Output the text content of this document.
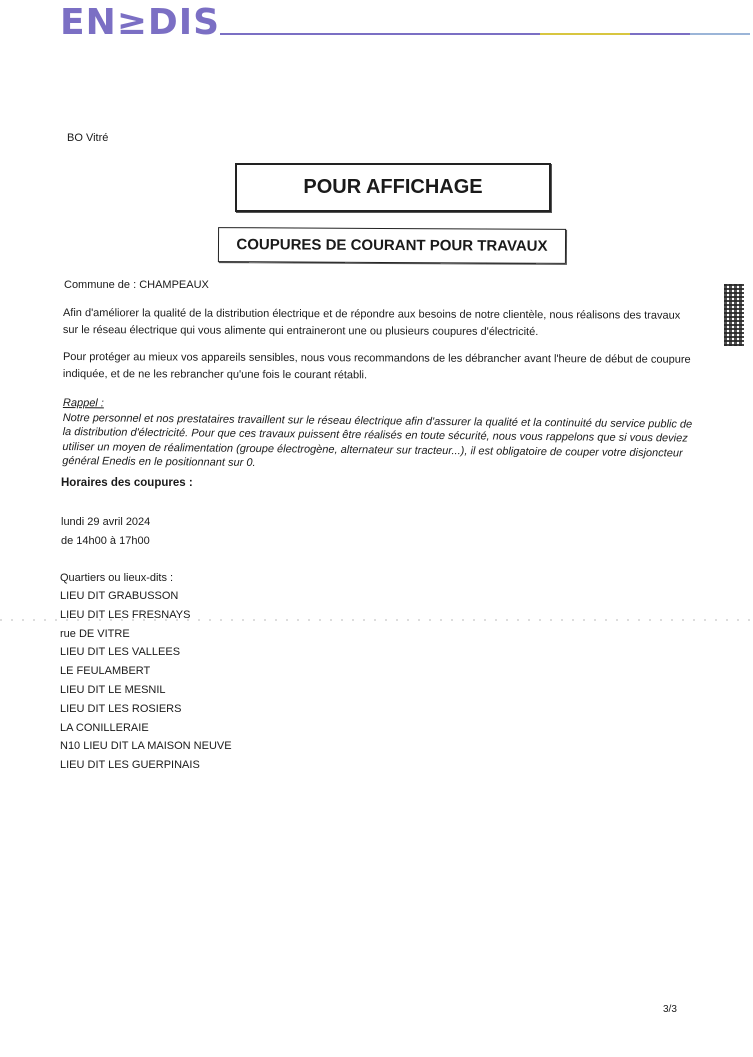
EN≥DIS
BO Vitré
POUR AFFICHAGE
COUPURES DE COURANT POUR TRAVAUX
Commune de : CHAMPEAUX

Afin d'améliorer la qualité de la distribution électrique et de répondre aux besoins de notre clientèle, nous réalisons des travaux sur le réseau électrique qui vous alimente qui entraineront une ou plusieurs coupures d'électricité.

Pour protéger au mieux vos appareils sensibles, nous vous recommandons de les débrancher avant l'heure de début de coupure indiquée, et de ne les rebrancher qu'une fois le courant rétabli.

Rappel :

Notre personnel et nos prestataires travaillent sur le réseau électrique afin d'assurer la qualité et la continuité du service public de la distribution d'électricité. Pour que ces travaux puissent être réalisés en toute sécurité, nous vous rappelons que si vous deviez utiliser un moyen de réalimentation (groupe électrogène, alternateur sur tracteur...), il est obligatoire de couper votre disjoncteur général Enedis en le positionnant sur 0.

Horaires des coupures :
lundi 29 avril 2024
de 14h00 à 17h00
Quartiers ou lieux-dits :
LIEU DIT GRABUSSON
LIEU DIT LES FRESNAYS
rue DE VITRE
LIEU DIT LES VALLEES
LE FEULAMBERT
LIEU DIT LE MESNIL
LIEU DIT LES ROSIERS
LA CONILLERAIE
N10 LIEU DIT LA MAISON NEUVE
LIEU DIT LES GUERPINAIS
3/3
